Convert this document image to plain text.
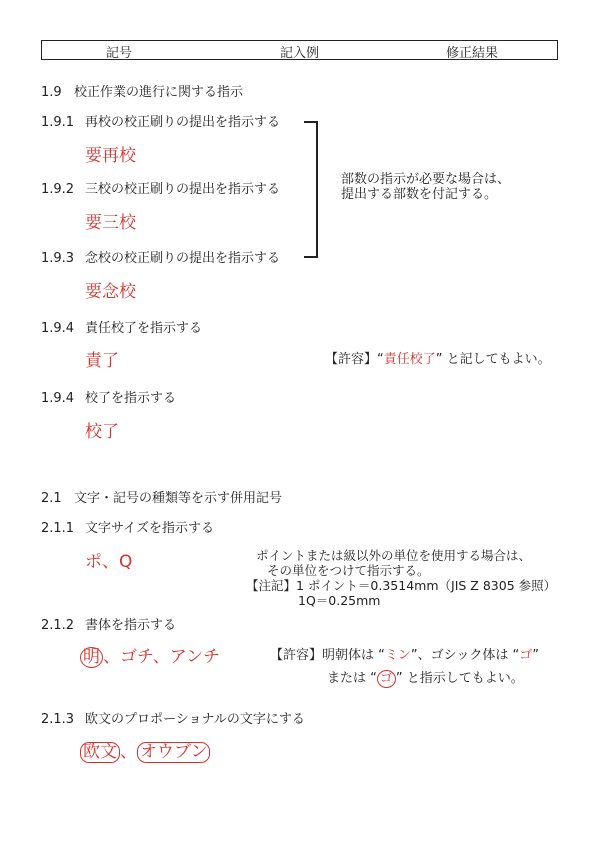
記号	記入例	修正結果
1.9 校正作業の進行に関する指示
1.9.1 再校の校正刷りの提出を指示する
要再校
1.9.2 三校の校正刷りの提出を指示する
要三校
1.9.3 念校の校正刷りの提出を指示する
要念校
部数の指示が必要な場合は、
提出する部数を付記する。
1.9.4 責任校了を指示する
責了	【許容】“責任校了” と記してもよい。
1.9.4 校了を指示する
校了
2.1 文字・記号の種類等を示す併用記号
2.1.1 文字サイズを指示する
ポ、Q	ポイントまたは級以外の単位を使用する場合は、
その単位をつけて指示する。
【注記】1 ポイント＝0.3514mm（JIS Z 8305 参照）
1Q＝0.25mm
2.1.2 書体を指示する
明 、ゴチ、アンチ	【許容】明朝体は “ミン”、ゴシック体は “ゴ”
または “ ゴ ” と指示してもよい。
2.1.3 欧文のプロポーショナルの文字にする
欧文 、 オウブン
